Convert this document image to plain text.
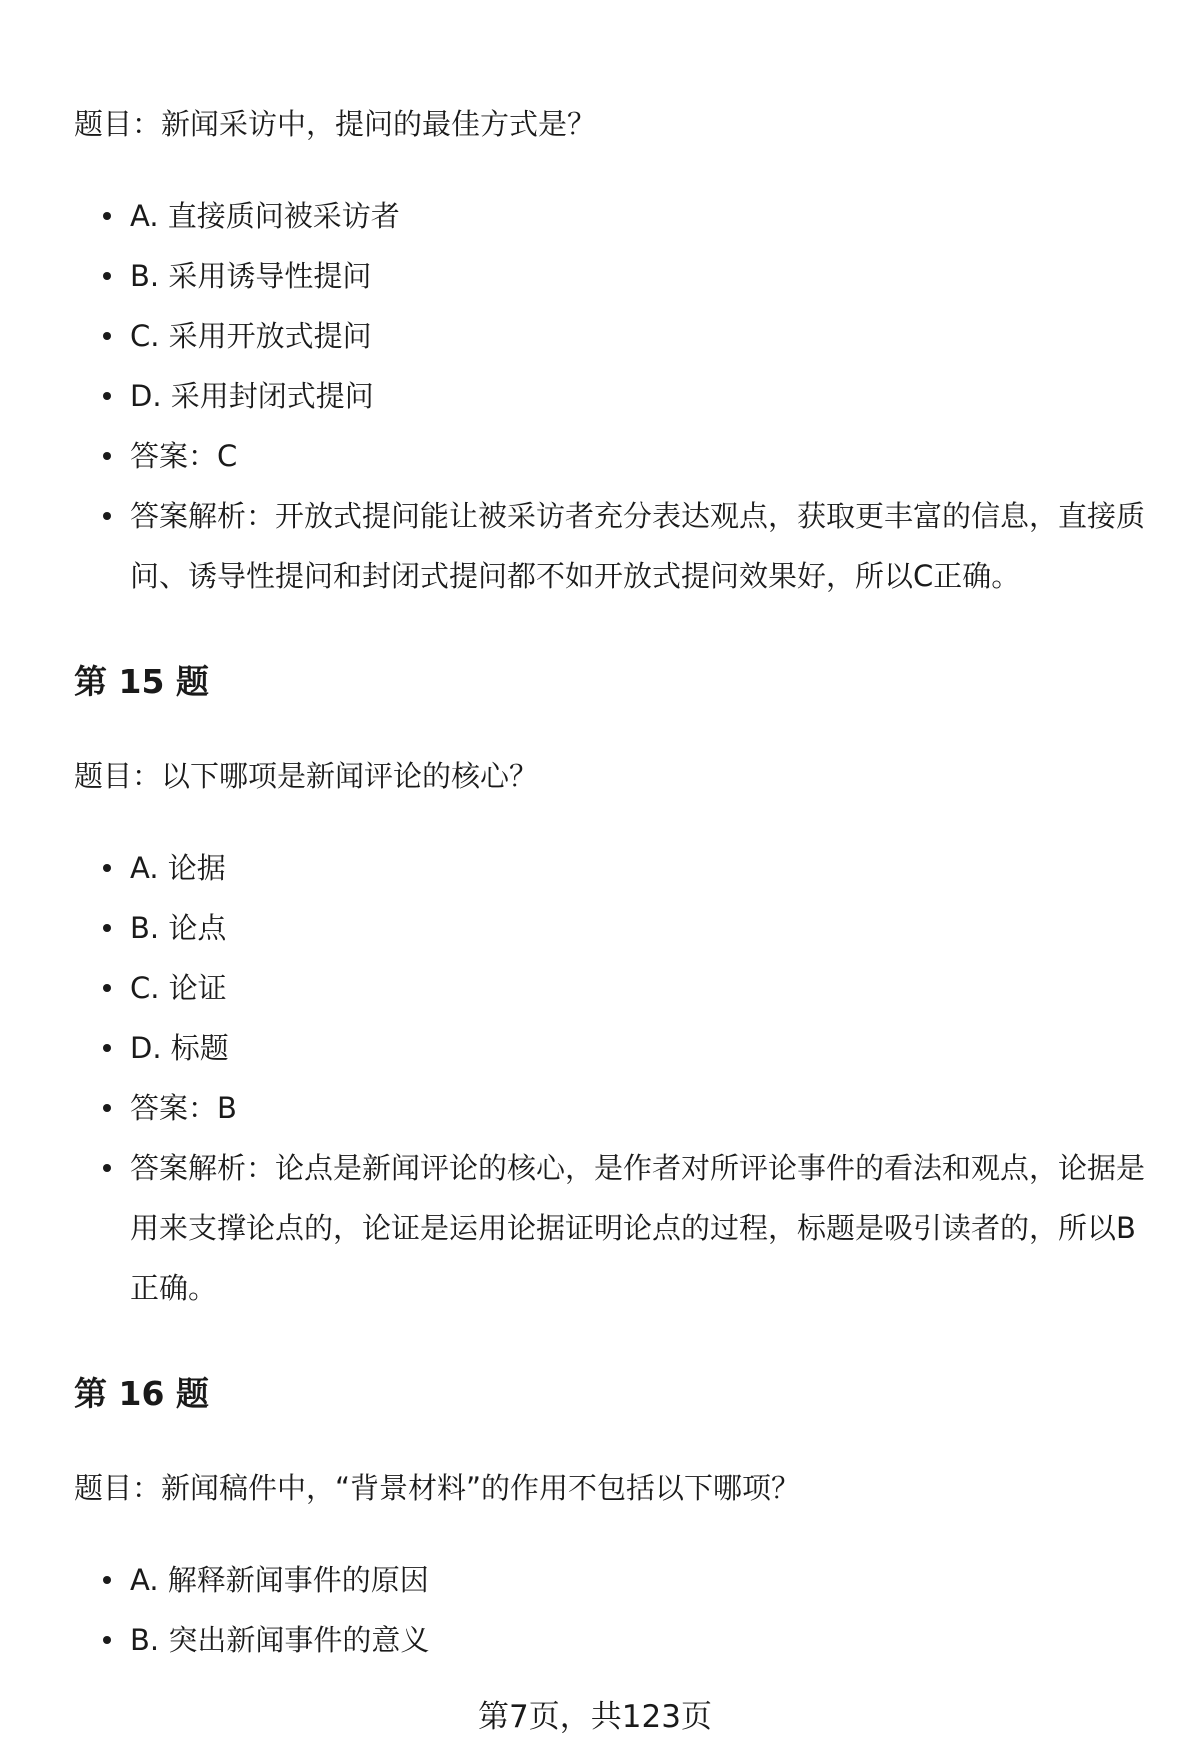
题目：新闻采访中，提问的最佳方式是？

A. 直接质问被采访者
B. 采用诱导性提问
C. 采用开放式提问
D. 采用封闭式提问
答案：C
答案解析：开放式提问能让被采访者充分表达观点，获取更丰富的信息，直接质问、诱导性提问和封闭式提问都不如开放式提问效果好，所以C正确。
第 15 题

题目：以下哪项是新闻评论的核心？

A. 论据
B. 论点
C. 论证
D. 标题
答案：B
答案解析：论点是新闻评论的核心，是作者对所评论事件的看法和观点，论据是用来支撑论点的，论证是运用论据证明论点的过程，标题是吸引读者的，所以B正确。
第 16 题

题目：新闻稿件中，“背景材料”的作用不包括以下哪项？

A. 解释新闻事件的原因
B. 突出新闻事件的意义
第7页，共123页
